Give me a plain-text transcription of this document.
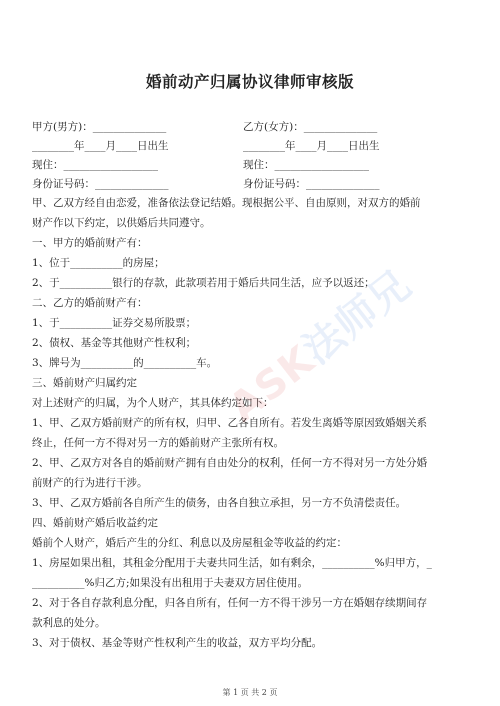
婚前动产归属协议律师审核版
甲方(男方)：______________	乙方(女方)：______________
________年____月____日出生	________年____月____日出生
现住：__________________	现住：__________________
身份证号码：______________	身份证号码：______________
甲、乙双方经自由恋爱，准备依法登记结婚。现根据公平、自由原则，对双方的婚前
财产作以下约定，以供婚后共同遵守。
一、甲方的婚前财产有：
1、位于__________的房屋；
2、于__________银行的存款，此款项若用于婚后共同生活，应予以返还；
二、乙方的婚前财产有：
1、于__________证券交易所股票；
2、债权、基金等其他财产性权利；
3、牌号为__________的__________车。
三、婚前财产归属约定
对上述财产的归属，为个人财产，其具体约定如下：
1、甲、乙双方婚前财产的所有权，归甲、乙各自所有。若发生离婚等原因致婚姻关系
终止，任何一方不得对另一方的婚前财产主张所有权。
2、甲、乙双方对各自的婚前财产拥有自由处分的权利，任何一方不得对另一方处分婚
前财产的行为进行干涉。
3、甲、乙双方婚前各自所产生的债务，由各自独立承担，另一方不负清偿责任。
四、婚前财产婚后收益约定
婚前个人财产，婚后产生的分红、利息以及房屋租金等收益的约定：
1、房屋如果出租，其租金分配用于夫妻共同生活，如有剩余，__________%归甲方，_
__________%归乙方;如果没有出租用于夫妻双方居住使用。
2、对于各自存款利息分配，归各自所有，任何一方不得干涉另一方在婚姻存续期间存
款利息的处分。
3、对于债权、基金等财产性权利产生的收益，双方平均分配。
ASK法师兄
第 1 页 共 2 页
